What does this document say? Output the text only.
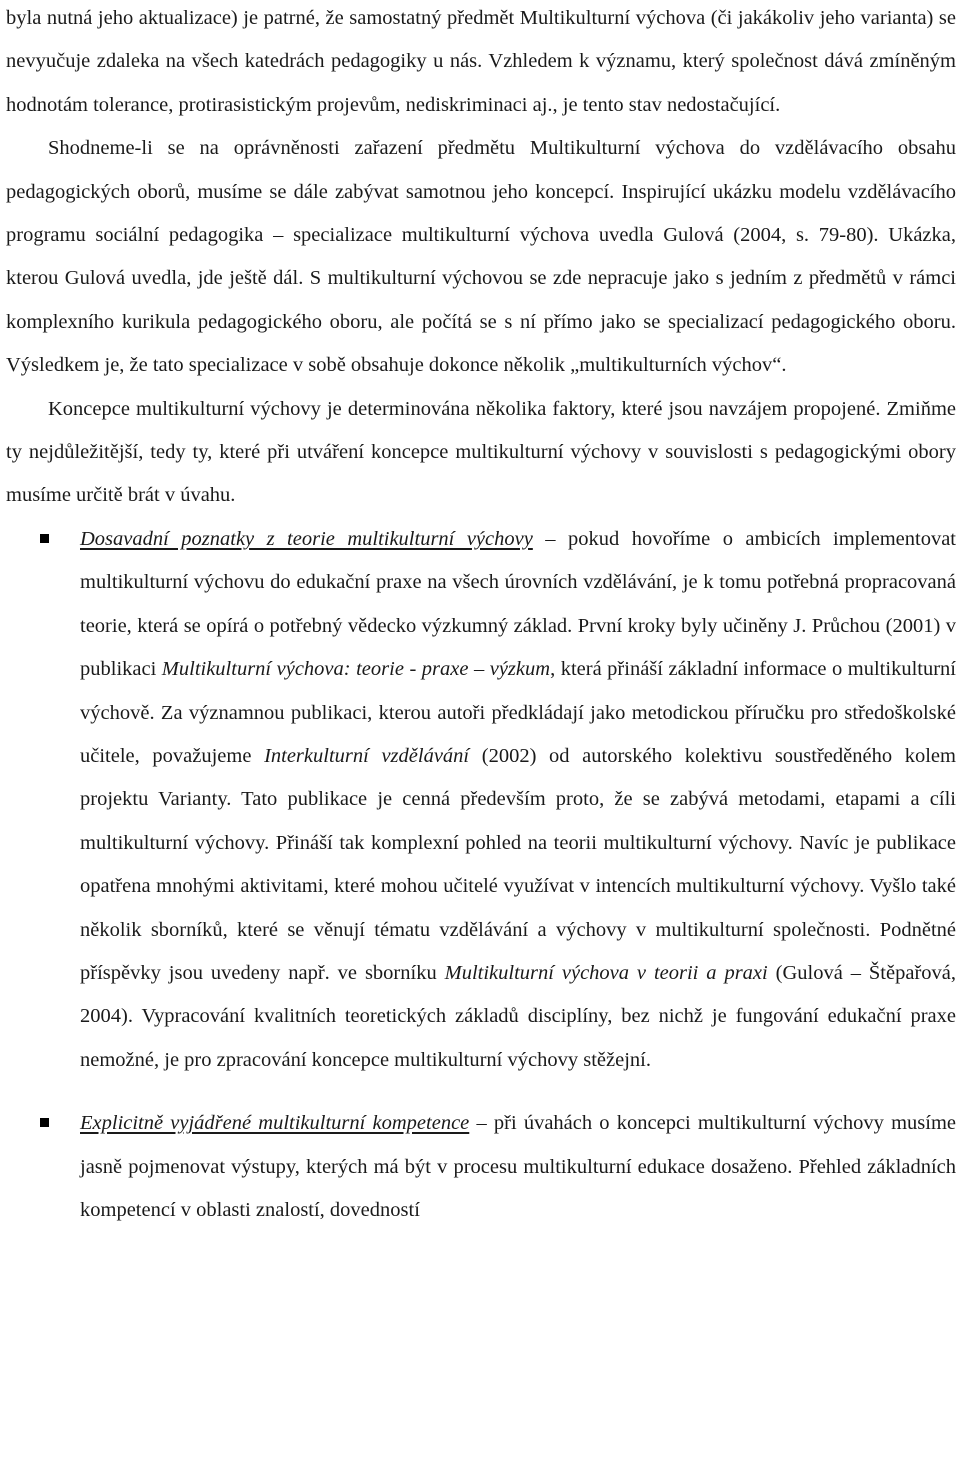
byla nutná jeho aktualizace) je patrné, že samostatný předmět Multikulturní výchova (či jakákoliv jeho varianta) se nevyučuje zdaleka na všech katedrách pedagogiky u nás. Vzhledem k významu, který společnost dává zmíněným hodnotám tolerance, protirasistickým projevům, nediskriminaci aj., je tento stav nedostačující.

Shodneme-li se na oprávněnosti zařazení předmětu Multikulturní výchova do vzdělávacího obsahu pedagogických oborů, musíme se dále zabývat samotnou jeho koncepcí. Inspirující ukázku modelu vzdělávacího programu sociální pedagogika – specializace multikulturní výchova uvedla Gulová (2004, s. 79-80). Ukázka, kterou Gulová uvedla, jde ještě dál. S multikulturní výchovou se zde nepracuje jako s jedním z předmětů v rámci komplexního kurikula pedagogického oboru, ale počítá se s ní přímo jako se specializací pedagogického oboru. Výsledkem je, že tato specializace v sobě obsahuje dokonce několik „multikulturních výchov“.

Koncepce multikulturní výchovy je determinována několika faktory, které jsou navzájem propojené. Zmiňme ty nejdůležitější, tedy ty, které při utváření koncepce multikulturní výchovy v souvislosti s pedagogickými obory musíme určitě brát v úvahu.

Dosavadní poznatky z teorie multikulturní výchovy – pokud hovoříme o ambicích implementovat multikulturní výchovu do edukační praxe na všech úrovních vzdělávání, je k tomu potřebná propracovaná teorie, která se opírá o potřebný vědecko výzkumný základ. První kroky byly učiněny J. Průchou (2001) v publikaci Multikulturní výchova: teorie - praxe – výzkum, která přináší základní informace o multikulturní výchově. Za významnou publikaci, kterou autoři předkládají jako metodickou příručku pro středoškolské učitele, považujeme Interkulturní vzdělávání (2002) od autorského kolektivu soustředěného kolem projektu Varianty. Tato publikace je cenná především proto, že se zabývá metodami, etapami a cíli multikulturní výchovy. Přináší tak komplexní pohled na teorii multikulturní výchovy. Navíc je publikace opatřena mnohými aktivitami, které mohou učitelé využívat v intencích multikulturní výchovy. Vyšlo také několik sborníků, které se věnují tématu vzdělávání a výchovy v multikulturní společnosti. Podnětné příspěvky jsou uvedeny např. ve sborníku Multikulturní výchova v teorii a praxi (Gulová – Štěpařová, 2004). Vypracování kvalitních teoretických základů disciplíny, bez nichž je fungování edukační praxe nemožné, je pro zpracování koncepce multikulturní výchovy stěžejní.
Explicitně vyjádřené multikulturní kompetence – při úvahách o koncepci multikulturní výchovy musíme jasně pojmenovat výstupy, kterých má být v procesu multikulturní edukace dosaženo. Přehled základních kompetencí v oblasti znalostí, dovedností
